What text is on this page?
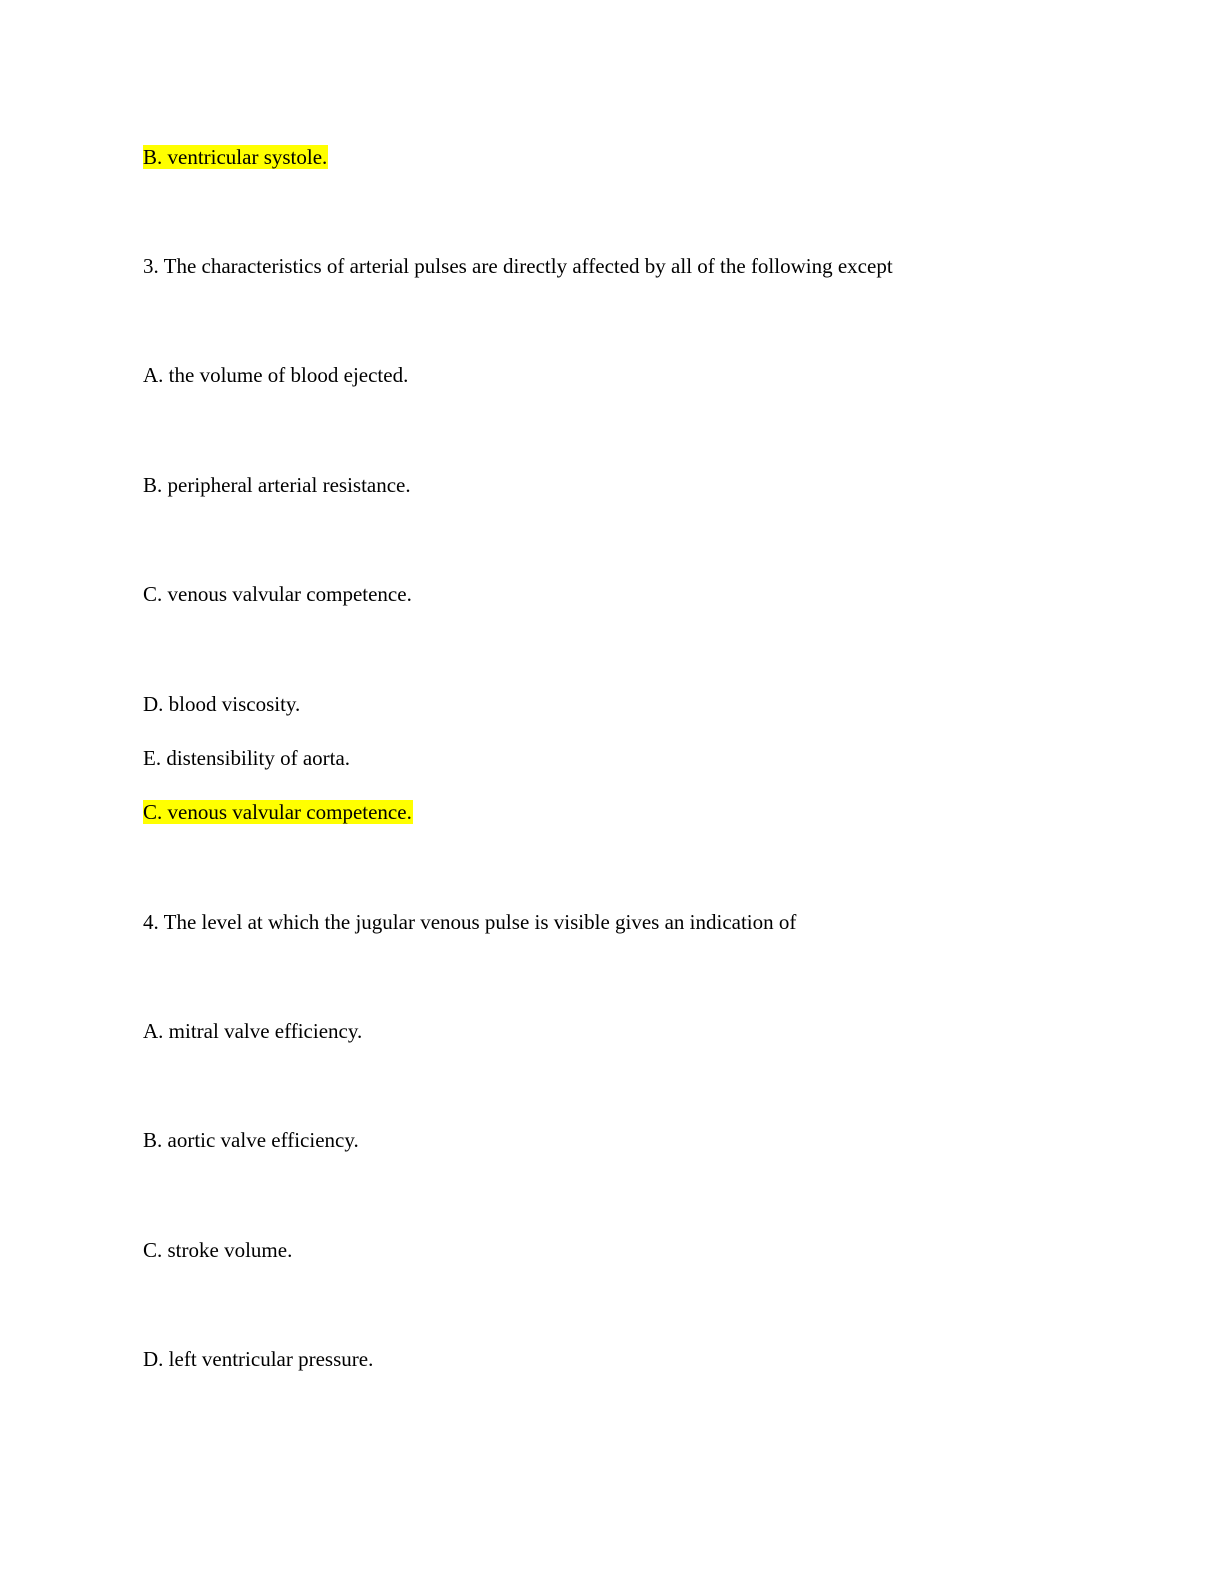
B. ventricular systole.

3. The characteristics of arterial pulses are directly affected by all of the following except

A. the volume of blood ejected.

B. peripheral arterial resistance.

C. venous valvular competence.

D. blood viscosity.

E. distensibility of aorta.

C. venous valvular competence.

4. The level at which the jugular venous pulse is visible gives an indication of

A. mitral valve efficiency.

B. aortic valve efficiency.

C. stroke volume.

D. left ventricular pressure.
